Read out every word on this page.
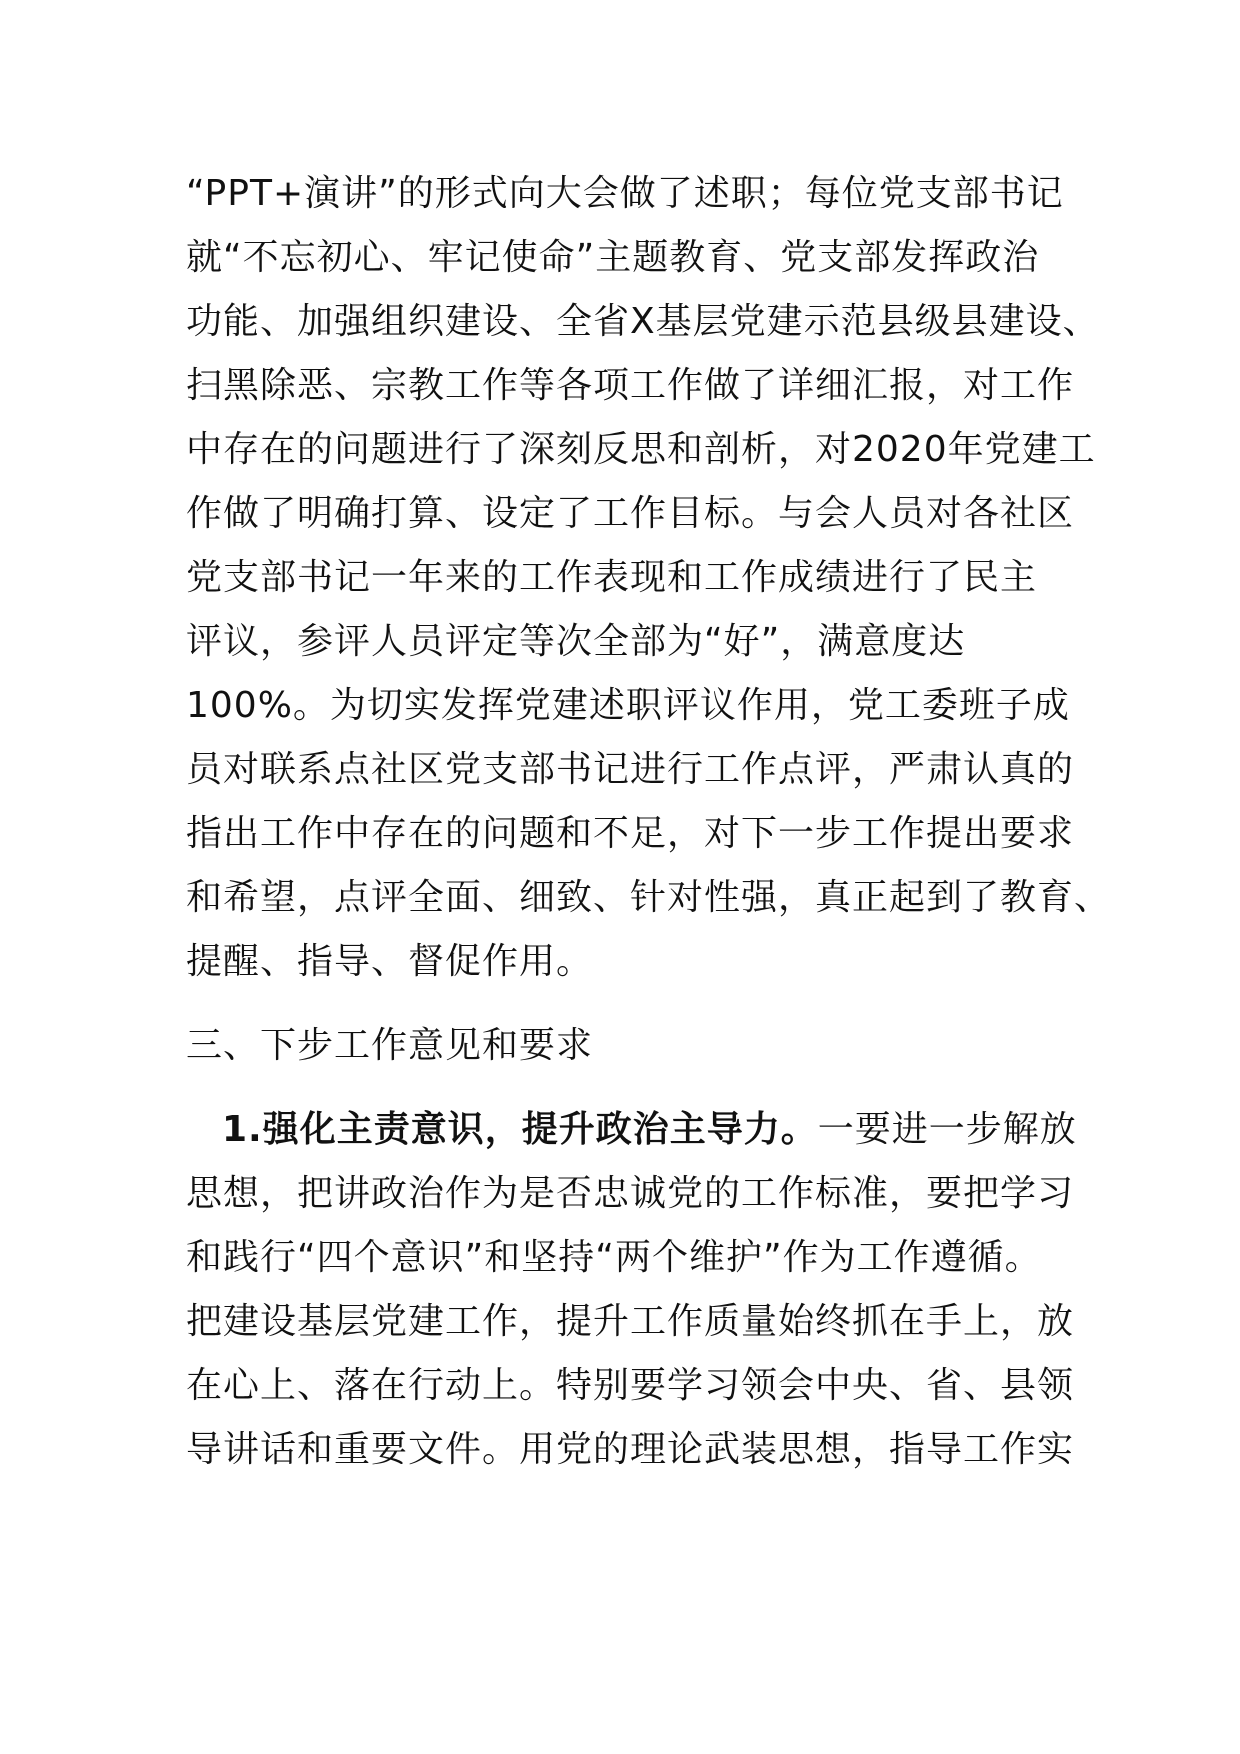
“PPT+演讲”的形式向大会做了述职；每位党支部书记
就“不忘初心、牢记使命”主题教育、党支部发挥政治
功能、加强组织建设、全省X基层党建示范县级县建设、
扫黑除恶、宗教工作等各项工作做了详细汇报，对工作
中存在的问题进行了深刻反思和剖析，对2020年党建工
作做了明确打算、设定了工作目标。与会人员对各社区
党支部书记一年来的工作表现和工作成绩进行了民主
评议，参评人员评定等次全部为“好”，满意度达
100%。为切实发挥党建述职评议作用，党工委班子成
员对联系点社区党支部书记进行工作点评，严肃认真的
指出工作中存在的问题和不足，对下一步工作提出要求
和希望，点评全面、细致、针对性强，真正起到了教育、
提醒、指导、督促作用。
三、下步工作意见和要求
1.强化主责意识，提升政治主导力。一要进一步解放
思想，把讲政治作为是否忠诚党的工作标准，要把学习
和践行“四个意识”和坚持“两个维护”作为工作遵循。
把建设基层党建工作，提升工作质量始终抓在手上，放
在心上、落在行动上。特别要学习领会中央、省、县领
导讲话和重要文件。用党的理论武装思想，指导工作实
